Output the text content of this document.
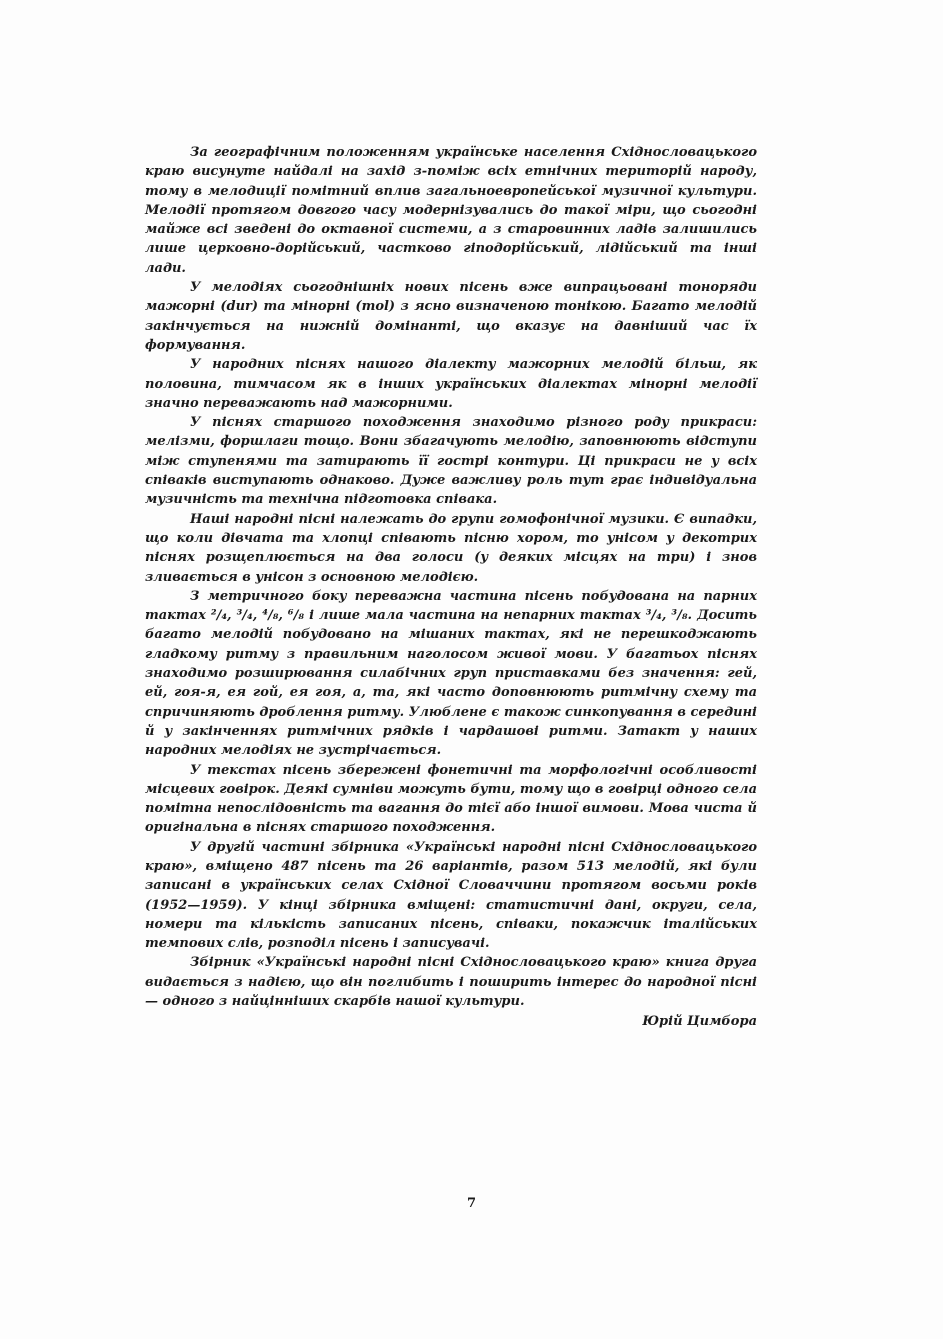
За географічним положенням українське населення Східнословацького краю висунуте найдалі на захід з-поміж всіх етнічних територій народу, тому в мелодиції помітний вплив загальноевропейської музичної культури. Мелодії протягом довгого часу модернізувались до такої міри, що сьогодні майже всі зведені до октавної системи, а з старовинних ладів залишились лише церковно-дорійський, частково гіподорійський, лідійський та інші лади.

У мелодіях сьогоднішніх нових пісень вже випрацьовані тоноряди мажорні (dur) та мінорні (mol) з ясно визначеною тонікою. Багато мелодій закінчується на нижній домінанті, що вказує на давніший час їх формування.

У народних піснях нашого діалекту мажорних мелодій більш, як половина, тимчасом як в інших українських діалектах мінорні мелодії значно переважають над мажорними.

У піснях старшого походження знаходимо різного роду прикраси: мелізми, форшлаги тощо. Вони збагачують мелодію, заповнюють відступи між ступенями та затирають її гострі контури. Ці прикраси не у всіх співаків виступають однаково. Дуже важливу роль тут грає індивідуальна музичність та технічна підготовка співака.

Наші народні пісні належать до групи гомофонічної музики. Є випадки, що коли дівчата та хлопці співають пісню хором, то унісом у декотрих піснях розщеплюється на два голоси (у деяких місцях на три) і знов зливається в унісон з основною мелодією.

З метричного боку переважна частина пісень побудована на парних тактах ²/₄, ³/₄, ⁴/₈, ⁶/₈ і лише мала частина на непарних тактах ³/₄, ³/₈. Досить багато мелодій побудовано на мішаних тактах, які не перешкоджають гладкому ритму з правильним наголосом живої мови. У багатьох піснях знаходимо розширювання силабічних груп приставками без значення: гей, ей, гоя-я, ея гой, ея гоя, а, та, які часто доповнюють ритмічну схему та спричиняють дроблення ритму. Улюблене є також синкопування в середині й у закінченнях ритмічних рядків і чардашові ритми. Затакт у наших народних мелодіях не зустрічається.

У текстах пісень збережені фонетичні та морфологічні особливості місцевих говірок. Деякі сумніви можуть бути, тому що в говірці одного села помітна непослідовність та вагання до тієї або іншої вимови. Мова чиста й оригінальна в піснях старшого походження.

У другій частині збірника «Українські народні пісні Східнословацького краю», вміщено 487 пісень та 26 варіантів, разом 513 мелодій, які були записані в українських селах Східної Словаччини протягом восьми років (1952—1959). У кінці збірника вміщені: статистичні дані, округи, села, номери та кількість записаних пісень, співаки, покажчик італійських темпових слів, розподіл пісень і записувачі.

Збірник «Українські народні пісні Східнословацького краю» книга друга видається з надією, що він поглибить і поширить інтерес до народної пісні — одного з найцінніших скарбів нашої культури.

Юрій Цимбора

7
